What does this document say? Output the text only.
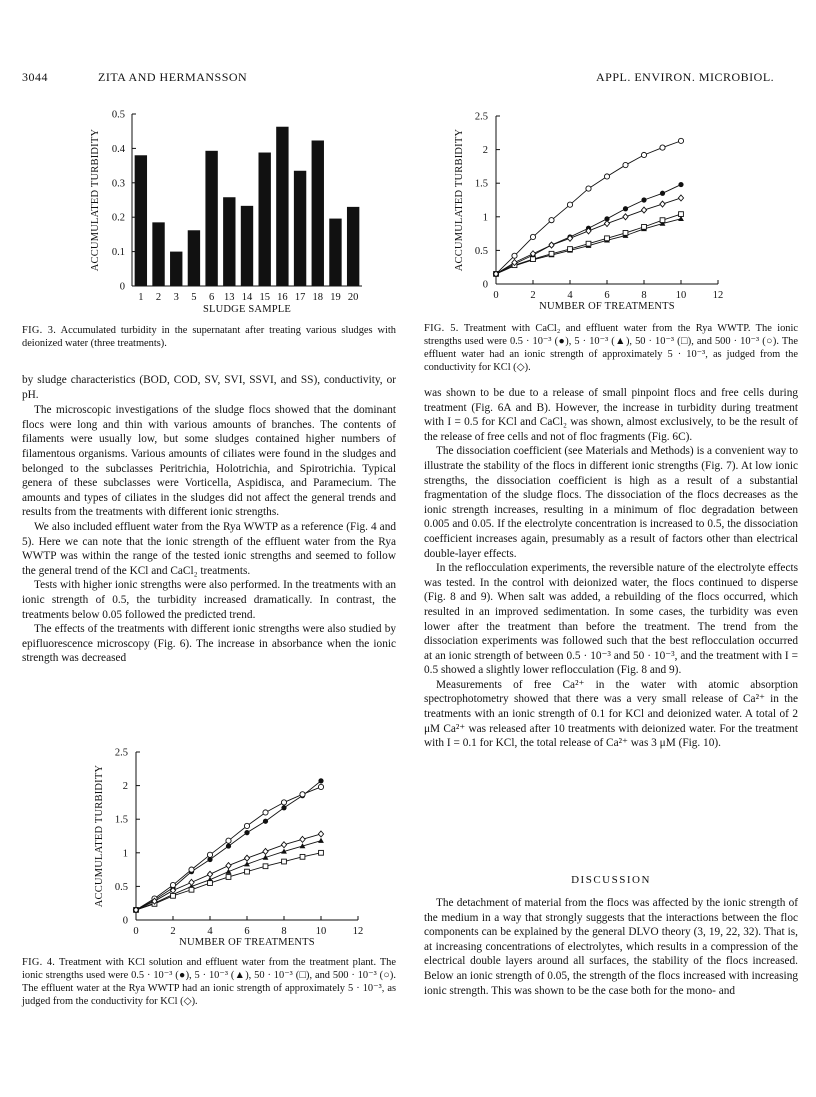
3044	ZITA AND HERMANSSON	APPL. ENVIRON. MICROBIOL.
0
0.1
0.2
0.3
0.4
0.5
1 2 3 5 6 13 14 15 16 17 18 19 20
SLUDGE SAMPLE
ACCUMULATED TURBIDITY
FIG. 3. Accumulated turbidity in the supernatant after treating various sludges with deionized water (three treatments).

by sludge characteristics (BOD, COD, SV, SVI, SSVI, and SS), conductivity, or pH.

The microscopic investigations of the sludge flocs showed that the dominant flocs were long and thin with various amounts of branches. The contents of filaments were usually low, but some sludges contained higher numbers of filamentous organisms. Various amounts of ciliates were found in the sludges and belonged to the subclasses Peritrichia, Holotrichia, and Spirotrichia. Typical genera of these subclasses were Vorticella, Aspidisca, and Paramecium. The amounts and types of ciliates in the sludges did not affect the general trends and results from the treatments with different ionic strengths.

We also included effluent water from the Rya WWTP as a reference (Fig. 4 and 5). Here we can note that the ionic strength of the effluent water from the Rya WWTP was within the range of the tested ionic strengths and seemed to follow the general trend of the KCl and CaCl₂ treatments.

Tests with higher ionic strengths were also performed. In the treatments with an ionic strength of 0.5, the turbidity increased dramatically. In contrast, the treatments below 0.05 followed the predicted trend.

The effects of the treatments with different ionic strengths were also studied by epifluorescence microscopy (Fig. 6). The increase in absorbance when the ionic strength was decreased

0
0.5
1
1.5
2
2.5
0	2	4	6	8	10	12
NUMBER OF TREATMENTS
ACCUMULATED TURBIDITY
FIG. 4. Treatment with KCl solution and effluent water from the treatment plant. The ionic strengths used were 0.5 · 10⁻³ (●), 5 · 10⁻³ (▲), 50 · 10⁻³ (□), and 500 · 10⁻³ (○). The effluent water at the Rya WWTP had an ionic strength of approximately 5 · 10⁻³, as judged from the conductivity for KCl (◇).
0
0.5
1
1.5
2
2.5
0	2	4	6	8	10	12
NUMBER OF TREATMENTS
ACCUMULATED TURBIDITY
FIG. 5. Treatment with CaCl₂ and effluent water from the Rya WWTP. The ionic strengths used were 0.5 · 10⁻³ (●), 5 · 10⁻³ (▲), 50 · 10⁻³ (□), and 500 · 10⁻³ (○). The effluent water had an ionic strength of approximately 5 · 10⁻³, as judged from the conductivity for KCl (◇).

was shown to be due to a release of small pinpoint flocs and free cells during treatment (Fig. 6A and B). However, the increase in turbidity during treatment with I = 0.5 for KCl and CaCl₂ was shown, almost exclusively, to be the result of the release of free cells and not of floc fragments (Fig. 6C).

The dissociation coefficient (see Materials and Methods) is a convenient way to illustrate the stability of the flocs in different ionic strengths (Fig. 7). At low ionic strengths, the dissociation coefficient is high as a result of a substantial fragmentation of the sludge flocs. The dissociation of the flocs decreases as the ionic strength increases, resulting in a minimum of floc degradation between 0.005 and 0.05. If the electrolyte concentration is increased to 0.5, the dissociation coefficient increases again, presumably as a result of factors other than electrical double-layer effects.

In the reflocculation experiments, the reversible nature of the electrolyte effects was tested. In the control with deionized water, the flocs continued to disperse (Fig. 8 and 9). When salt was added, a rebuilding of the flocs occurred, which resulted in an improved sedimentation. In some cases, the turbidity was even lower after the treatment than before the treatment. The trend from the dissociation experiments was followed such that the best reflocculation occurred at an ionic strength of between 0.5 · 10⁻³ and 50 · 10⁻³, and the treatment with I = 0.5 showed a slightly lower reflocculation (Fig. 8 and 9).

Measurements of free Ca²⁺ in the water with atomic absorption spectrophotometry showed that there was a very small release of Ca²⁺ in the treatments with an ionic strength of 0.1 for KCl and deionized water. A total of 2 μM Ca²⁺ was released after 10 treatments with deionized water. For the treatment with I = 0.1 for KCl, the total release of Ca²⁺ was 3 μM (Fig. 10).

DISCUSSION

The detachment of material from the flocs was affected by the ionic strength of the medium in a way that strongly suggests that the interactions between the floc components can be explained by the general DLVO theory (3, 19, 22, 32). That is, at increasing concentrations of electrolytes, which results in a compression of the electrical double layers around all surfaces, the stability of the flocs increased. Below an ionic strength of 0.05, the strength of the flocs increased with increasing ionic strength. This was shown to be the case both for the mono- and
